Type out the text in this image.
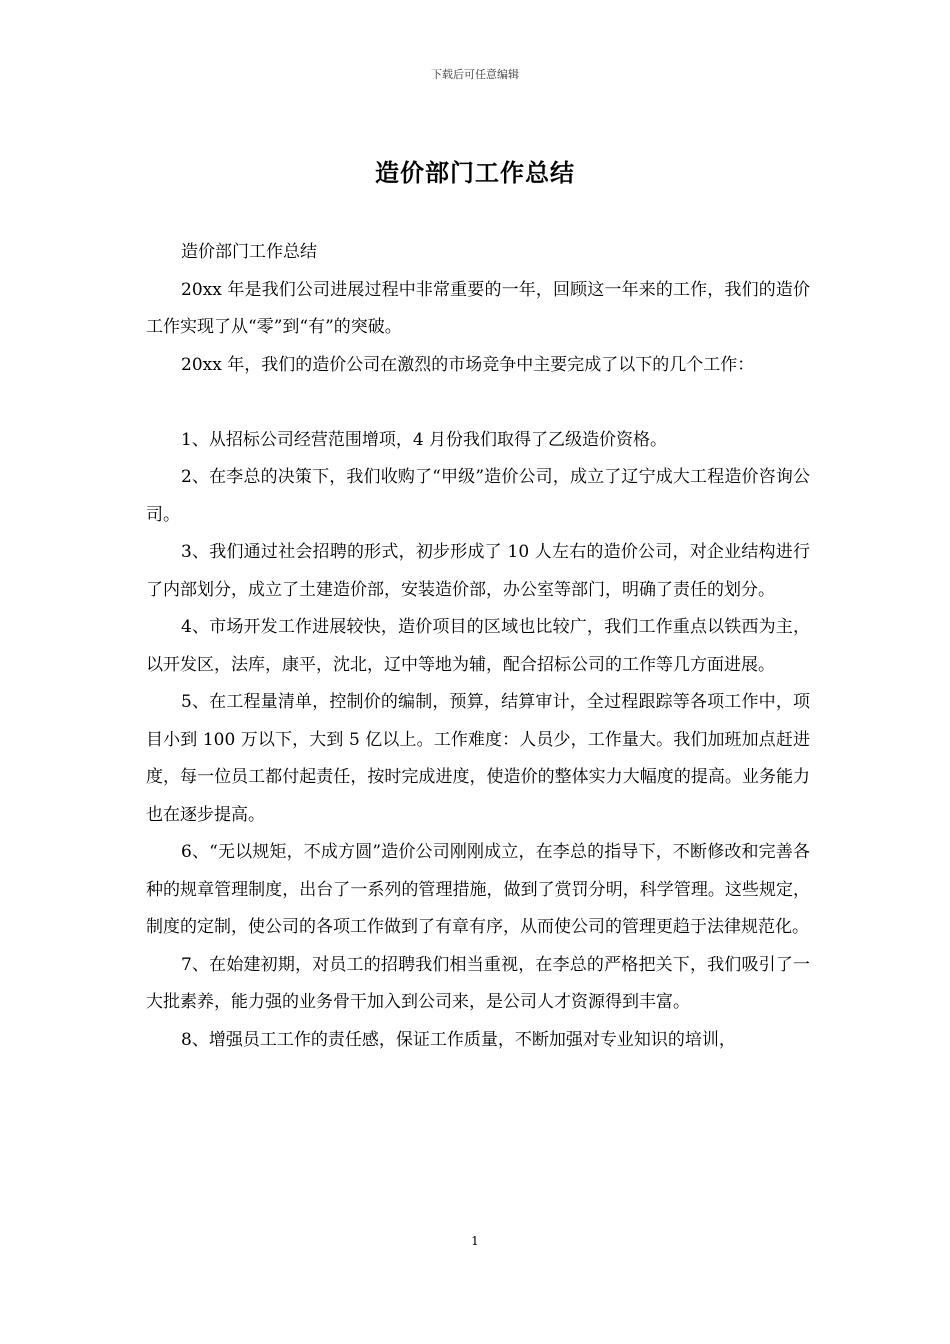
下载后可任意编辑
造价部门工作总结

造价部门工作总结

20xx 年是我们公司进展过程中非常重要的一年，回顾这一年来的工作，我们的造价工作实现了从“零”到“有”的突破。

20xx 年，我们的造价公司在激烈的市场竞争中主要完成了以下的几个工作：

1、从招标公司经营范围增项，4 月份我们取得了乙级造价资格。

2、在李总的决策下，我们收购了“甲级”造价公司，成立了辽宁成大工程造价咨询公司。

3、我们通过社会招聘的形式，初步形成了 10 人左右的造价公司，对企业结构进行了内部划分，成立了土建造价部，安装造价部，办公室等部门，明确了责任的划分。

4、市场开发工作进展较快，造价项目的区域也比较广，我们工作重点以铁西为主，以开发区，法库，康平，沈北，辽中等地为辅，配合招标公司的工作等几方面进展。

5、在工程量清单，控制价的编制，预算，结算审计，全过程跟踪等各项工作中，项目小到 100 万以下，大到 5 亿以上。工作难度：人员少，工作量大。我们加班加点赶进度，每一位员工都付起责任，按时完成进度，使造价的整体实力大幅度的提高。业务能力也在逐步提高。

6、“无以规矩，不成方圆”造价公司刚刚成立，在李总的指导下，不断修改和完善各种的规章管理制度，出台了一系列的管理措施，做到了赏罚分明，科学管理。这些规定，制度的定制，使公司的各项工作做到了有章有序，从而使公司的管理更趋于法律规范化。

7、在始建初期，对员工的招聘我们相当重视，在李总的严格把关下，我们吸引了一大批素养，能力强的业务骨干加入到公司来，是公司人才资源得到丰富。

8、增强员工工作的责任感，保证工作质量，不断加强对专业知识的培训，

1
